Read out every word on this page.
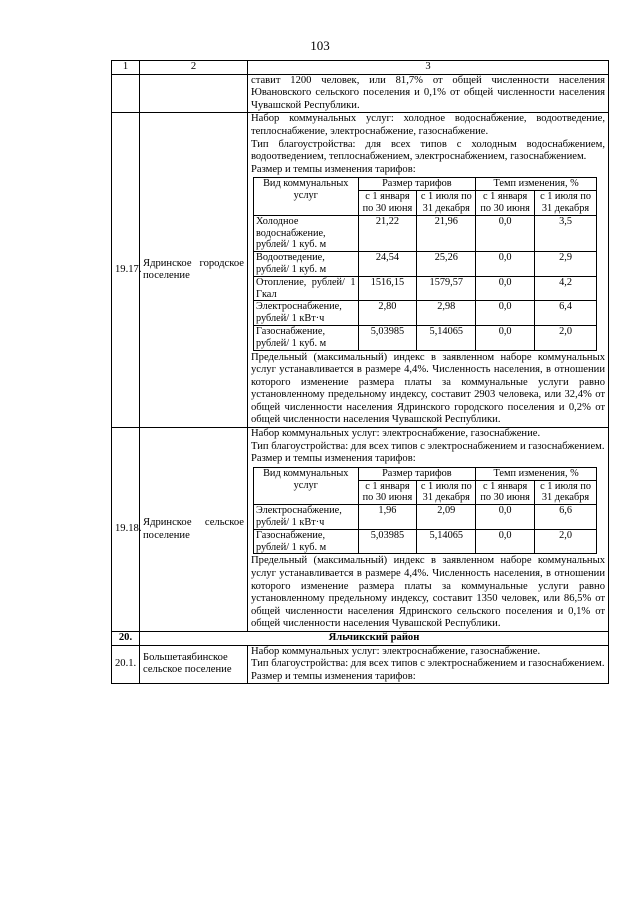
103
1	2	3
		ставит 1200 человек, или 81,7% от общей численности населения Ювановского сельского поселения и 0,1% от общей численности населения Чувашской Республики.
19.17.	Ядринское городское поселение	

Набор коммунальных услуг: холодное водоснабжение, водоотведение, теплоснабжение, электроснабжение, газоснабжение.

Тип благоустройства: для всех типов с холодным водоснабжением, водоотведением, теплоснабжением, электроснабжением, газоснабжением.

Размер и темпы изменения тарифов:

Вид коммунальных услуг	Размер тарифов	Темп изменения, %
с 1 января по 30 июня	с 1 июля по 31 декабря	с 1 января по 30 июня	с 1 июля по 31 декабря
Холодное водоснабжение, рублей/ 1 куб. м	21,22	21,96	0,0	3,5
Водоотведение, рублей/ 1 куб. м	24,54	25,26	0,0	2,9
Отопление, рублей/ 1 Гкал	1516,15	1579,57	0,0	4,2
Электроснабжение, рублей/ 1 кВт·ч	2,80	2,98	0,0	6,4
Газоснабжение, рублей/ 1 куб. м	5,03985	5,14065	0,0	2,0

Предельный (максимальный) индекс в заявленном наборе коммунальных услуг устанавливается в размере 4,4%. Численность населения, в отношении которого изменение размера платы за коммунальные услуги равно установленному предельному индексу, составит 2903 человека, или 32,4% от общей численности населения Ядринского городского поселения и 0,2% от общей численности населения Чувашской Республики.

19.18.	Ядринское сельское поселение	

Набор коммунальных услуг: электроснабжение, газоснабжение.

Тип благоустройства: для всех типов с электроснабжением и газоснабжением.

Размер и темпы изменения тарифов:

Вид коммунальных услуг	Размер тарифов	Темп изменения, %
с 1 января по 30 июня	с 1 июля по 31 декабря	с 1 января по 30 июня	с 1 июля по 31 декабря
Электроснабжение, рублей/ 1 кВт·ч	1,96	2,09	0,0	6,6
Газоснабжение, рублей/ 1 куб. м	5,03985	5,14065	0,0	2,0

Предельный (максимальный) индекс в заявленном наборе коммунальных услуг устанавливается в размере 4,4%. Численность населения, в отношении которого изменение размера платы за коммунальные услуги равно установленному предельному индексу, составит 1350 человек, или 86,5% от общей численности населения Ядринского сельского поселения и 0,1% от общей численности населения Чувашской Республики.

20.	Яльчикский район
20.1.	Большетаябинское сельское поселение	

Набор коммунальных услуг: электроснабжение, газоснабжение.

Тип благоустройства: для всех типов с электроснабжением и газоснабжением.

Размер и темпы изменения тарифов:
